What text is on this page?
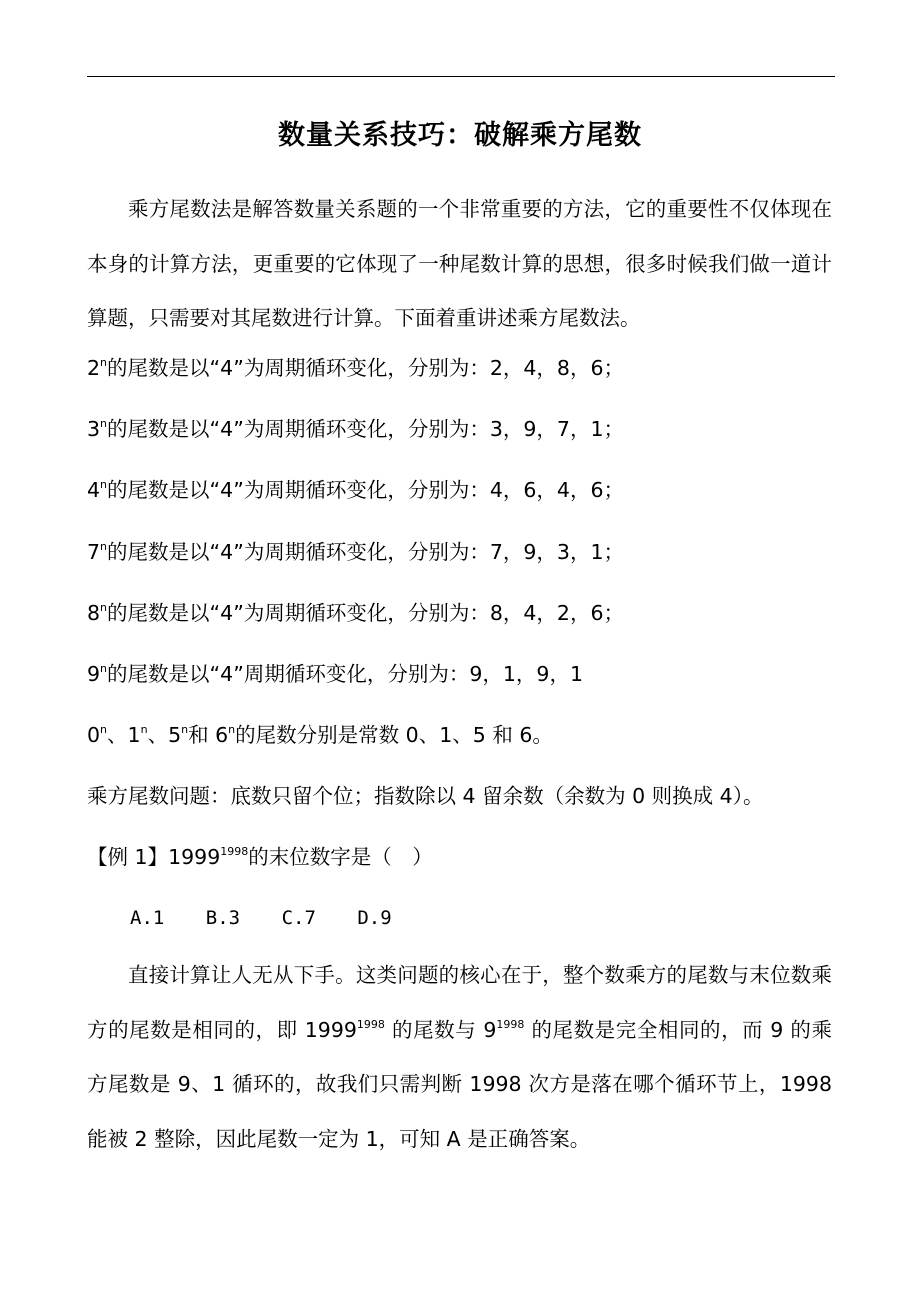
数量关系技巧：破解乘方尾数

乘方尾数法是解答数量关系题的一个非常重要的方法，它的重要性不仅体现在本身的计算方法，更重要的它体现了一种尾数计算的思想，很多时候我们做一道计算题，只需要对其尾数进行计算。下面着重讲述乘方尾数法。

2$^n$的尾数是以“4”为周期循环变化，分别为：2，4，8，6；
3$^n$的尾数是以“4”为周期循环变化，分别为：3，9，7，1；
4$^n$的尾数是以“4”为周期循环变化，分别为：4，6，4，6；
7$^n$的尾数是以“4”为周期循环变化，分别为：7，9，3，1；
8$^n$的尾数是以“4”为周期循环变化，分别为：8，4，2，6；
9$^n$的尾数是以“4”周期循环变化，分别为：9，1，9，1
0$^n$、1$^n$、5$^n$和 6$^n$的尾数分别是常数 0、1、5 和 6。
乘方尾数问题：底数只留个位；指数除以 4 留余数（余数为 0 则换成 4）。
【例 1】$1999^{1998}$的末位数字是（　）
A.1 B.3 C.7 D.9

直接计算让人无从下手。这类问题的核心在于，整个数乘方的尾数与末位数乘方的尾数是相同的，即 $1999^{1998}$ 的尾数与 $9^{1998}$ 的尾数是完全相同的，而 9 的乘方尾数是 9、1 循环的，故我们只需判断 1998 次方是落在哪个循环节上，1998 能被 2 整除，因此尾数一定为 1，可知 A 是正确答案。
